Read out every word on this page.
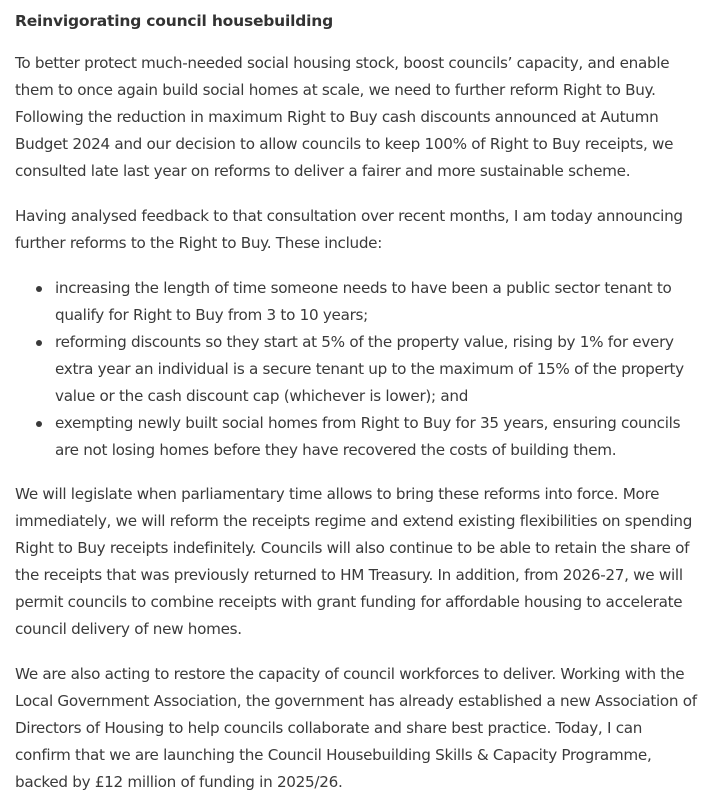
Reinvigorating council housebuilding

To better protect much-needed social housing stock, boost councils’ capacity, and enable them to once again build social homes at scale, we need to further reform Right to Buy. Following the reduction in maximum Right to Buy cash discounts announced at Autumn Budget 2024 and our decision to allow councils to keep 100% of Right to Buy receipts, we consulted late last year on reforms to deliver a fairer and more sustainable scheme.

Having analysed feedback to that consultation over recent months, I am today announcing further reforms to the Right to Buy. These include:

increasing the length of time someone needs to have been a public sector tenant to qualify for Right to Buy from 3 to 10 years;
reforming discounts so they start at 5% of the property value, rising by 1% for every extra year an individual is a secure tenant up to the maximum of 15% of the property value or the cash discount cap (whichever is lower); and
exempting newly built social homes from Right to Buy for 35 years, ensuring councils are not losing homes before they have recovered the costs of building them.

We will legislate when parliamentary time allows to bring these reforms into force. More immediately, we will reform the receipts regime and extend existing flexibilities on spending Right to Buy receipts indefinitely. Councils will also continue to be able to retain the share of the receipts that was previously returned to HM Treasury. In addition, from 2026-27, we will permit councils to combine receipts with grant funding for affordable housing to accelerate council delivery of new homes.

We are also acting to restore the capacity of council workforces to deliver. Working with the Local Government Association, the government has already established a new Association of Directors of Housing to help councils collaborate and share best practice. Today, I can confirm that we are launching the Council Housebuilding Skills & Capacity Programme, backed by £12 million of funding in 2025/26.
